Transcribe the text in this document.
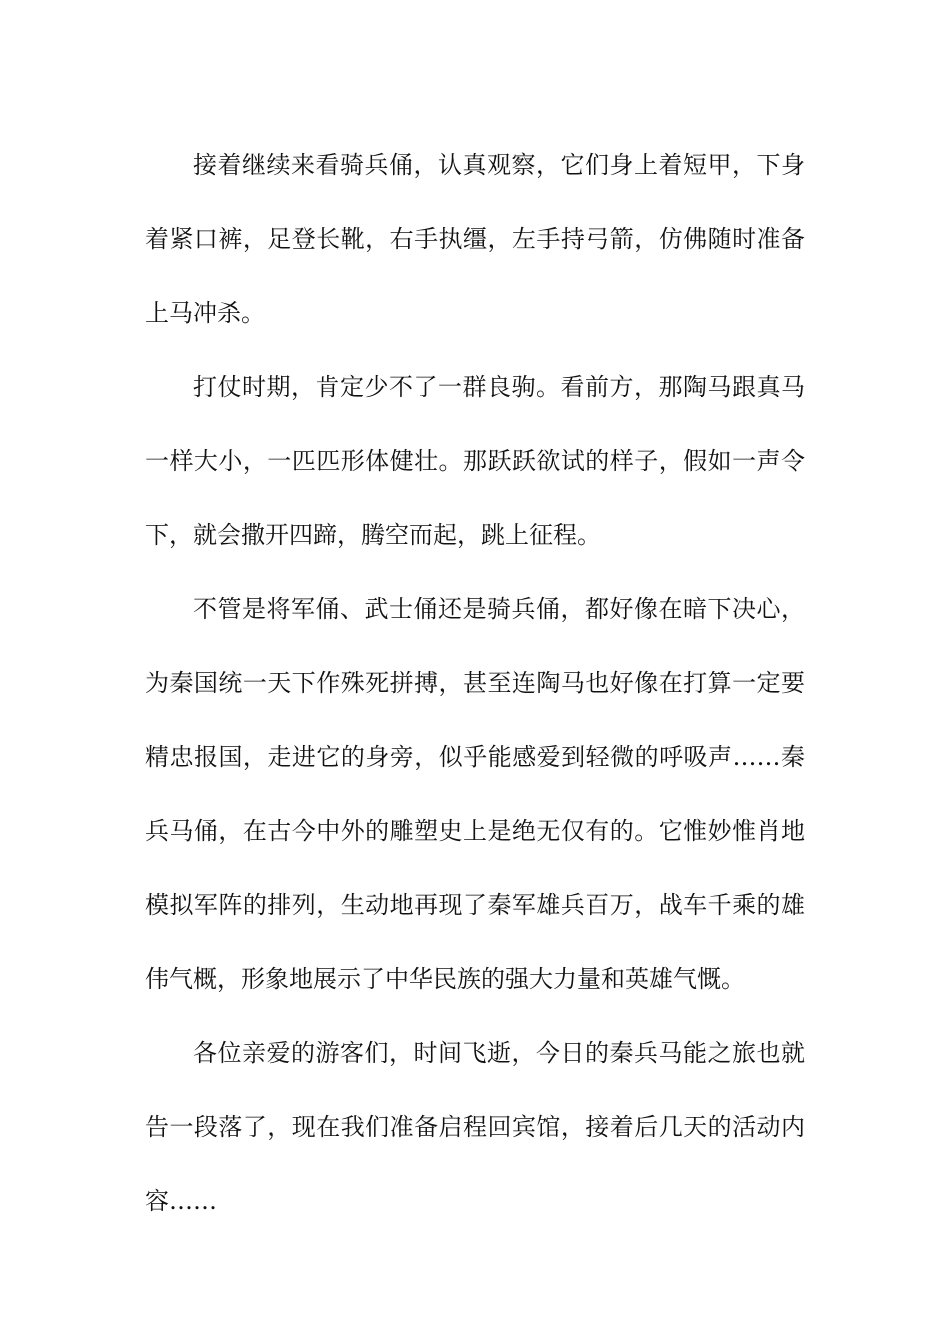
接着继续来看骑兵俑，认真观察，它们身上着短甲，下身着紧口裤，足登长靴，右手执缰，左手持弓箭，仿佛随时准备上马冲杀。

打仗时期，肯定少不了一群良驹。看前方，那陶马跟真马一样大小，一匹匹形体健壮。那跃跃欲试的样子，假如一声令下，就会撒开四蹄，腾空而起，跳上征程。

不管是将军俑、武士俑还是骑兵俑，都好像在暗下决心，为秦国统一天下作殊死拼搏，甚至连陶马也好像在打算一定要精忠报国，走进它的身旁，似乎能感爱到轻微的呼吸声……秦兵马俑，在古今中外的雕塑史上是绝无仅有的。它惟妙惟肖地模拟军阵的排列，生动地再现了秦军雄兵百万，战车千乘的雄伟气概，形象地展示了中华民族的强大力量和英雄气慨。

各位亲爱的游客们，时间飞逝，今日的秦兵马能之旅也就告一段落了，现在我们准备启程回宾馆，接着后几天的活动内容……
